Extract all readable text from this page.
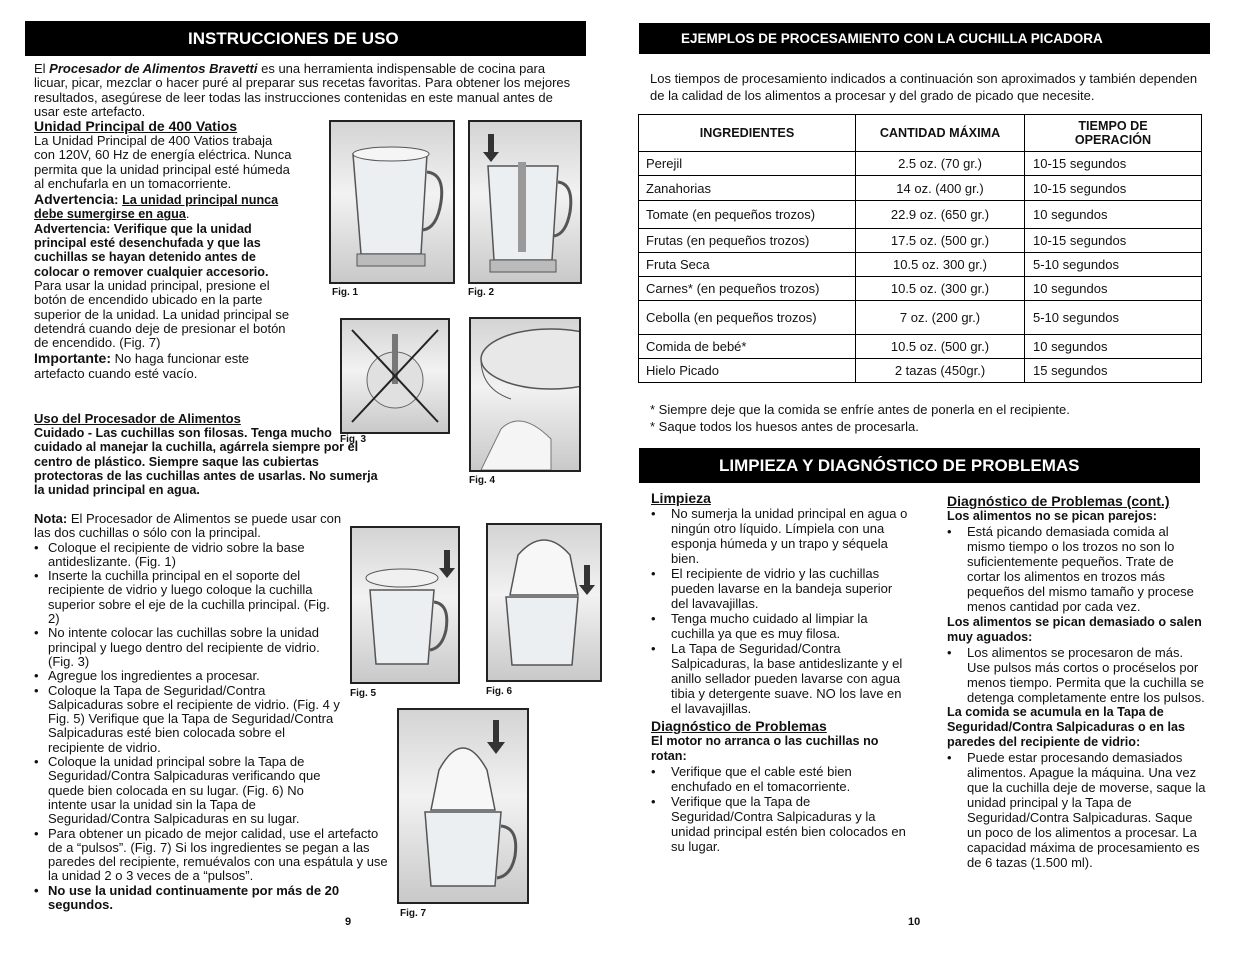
INSTRUCCIONES DE USO
El Procesador de Alimentos Bravetti es una herramienta indispensable de cocina para licuar, picar, mezclar o hacer puré al preparar sus recetas favoritas. Para obtener los mejores resultados, asegúrese de leer todas las instrucciones contenidas en este manual antes de usar este artefacto.
Unidad Principal de 400 Vatios
La Unidad Principal de 400 Vatios trabaja con 120V, 60 Hz de energía eléctrica. Nunca permita que la unidad principal esté húmeda al enchufarla en un tomacorriente.
Advertencia: La unidad principal nunca debe sumergirse en agua.
Advertencia: Verifique que la unidad principal esté desenchufada y que las cuchillas se hayan detenido antes de colocar o remover cualquier accesorio.
Para usar la unidad principal, presione el botón de encendido ubicado en la parte superior de la unidad. La unidad principal se detendrá cuando deje de presionar el botón de encendido. (Fig. 7)
Importante: No haga funcionar este artefacto cuando esté vacío.
Uso del Procesador de Alimentos
Cuidado - Las cuchillas son filosas. Tenga mucho cuidado al manejar la cuchilla, agárrela siempre por el centro de plástico. Siempre saque las cubiertas protectoras de las cuchillas antes de usarlas. No sumerja la unidad principal en agua.
Nota: El Procesador de Alimentos se puede usar con las dos cuchillas o sólo con la principal.
• Coloque el recipiente de vidrio sobre la base antideslizante. (Fig. 1)
• Inserte la cuchilla principal en el soporte del recipiente de vidrio y luego coloque la cuchilla superior sobre el eje de la cuchilla principal. (Fig. 2)
• No intente colocar las cuchillas sobre la unidad principal y luego dentro del recipiente de vidrio. (Fig. 3)
• Agregue los ingredientes a procesar.
• Coloque la Tapa de Seguridad/Contra Salpicaduras sobre el recipiente de vidrio. (Fig. 4 y Fig. 5) Verifique que la Tapa de Seguridad/Contra Salpicaduras esté bien colocada sobre el recipiente de vidrio.
• Coloque la unidad principal sobre la Tapa de Seguridad/Contra Salpicaduras verificando que quede bien colocada en su lugar. (Fig. 6) No intente usar la unidad sin la Tapa de Seguridad/Contra Salpicaduras en su lugar.
• Para obtener un picado de mejor calidad, use el artefacto de a “pulsos”. (Fig. 7) Si los ingredientes se pegan a las paredes del recipiente, remuévalos con una espátula y use la unidad 2 o 3 veces de a “pulsos”.
• No use la unidad continuamente por más de 20 segundos.
Fig. 1	Fig. 2
Fig. 3
Fig. 4
Fig. 5	Fig. 6
Fig. 7
9
EJEMPLOS DE PROCESAMIENTO CON LA CUCHILLA PICADORA
Los tiempos de procesamiento indicados a continuación son aproximados y también dependen de la calidad de los alimentos a procesar y del grado de picado que necesite.
INGREDIENTES	CANTIDAD MÁXIMA	TIEMPO DE OPERACIÓN

Perejil	2.5 oz. (70 gr.)	10-15 segundos
Zanahorias	14 oz. (400 gr.)	10-15 segundos
Tomate (en pequeños trozos)	22.9 oz. (650 gr.)	10 segundos
Frutas (en pequeños trozos)	17.5 oz. (500 gr.)	10-15 segundos
Fruta Seca	10.5 oz. 300 gr.)	5-10 segundos
Carnes* (en pequeños trozos)	10.5 oz. (300 gr.)	10 segundos
Cebolla (en pequeños trozos)	7 oz. (200 gr.)	5-10 segundos
Comida de bebé*	10.5 oz. (500 gr.)	10 segundos
Hielo Picado	2 tazas (450gr.)	15 segundos
* Siempre deje que la comida se enfríe antes de ponerla en el recipiente.
* Saque todos los huesos antes de procesarla.
LIMPIEZA Y DIAGNÓSTICO DE PROBLEMAS
Limpieza
• No sumerja la unidad principal en agua o ningún otro líquido. Límpiela con una esponja húmeda y un trapo y séquela bien.
• El recipiente de vidrio y las cuchillas pueden lavarse en la bandeja superior del lavavajillas.
• Tenga mucho cuidado al limpiar la cuchilla ya que es muy filosa.
• La Tapa de Seguridad/Contra Salpicaduras, la base antideslizante y el anillo sellador pueden lavarse con agua tibia y detergente suave. NO los lave en el lavavajillas.
Diagnóstico de Problemas
El motor no arranca o las cuchillas no rotan:
• Verifique que el cable esté bien enchufado en el tomacorriente.
• Verifique que la Tapa de Seguridad/Contra Salpicaduras y la unidad principal estén bien colocados en su lugar.
Diagnóstico de Problemas (cont.)
Los alimentos no se pican parejos:
• Está picando demasiada comida al mismo tiempo o los trozos no son lo suficientemente pequeños. Trate de cortar los alimentos en trozos más pequeños del mismo tamaño y procese menos cantidad por cada vez.
Los alimentos se pican demasiado o salen muy aguados:
• Los alimentos se procesaron de más. Use pulsos más cortos o procéselos por menos tiempo. Permita que la cuchilla se detenga completamente entre los pulsos.
La comida se acumula en la Tapa de Seguridad/Contra Salpicaduras o en las paredes del recipiente de vidrio:
• Puede estar procesando demasiados alimentos. Apague la máquina. Una vez que la cuchilla deje de moverse, saque la unidad principal y la Tapa de Seguridad/Contra Salpicaduras. Saque un poco de los alimentos a procesar. La capacidad máxima de procesamiento es de 6 tazas (1.500 ml).
10
